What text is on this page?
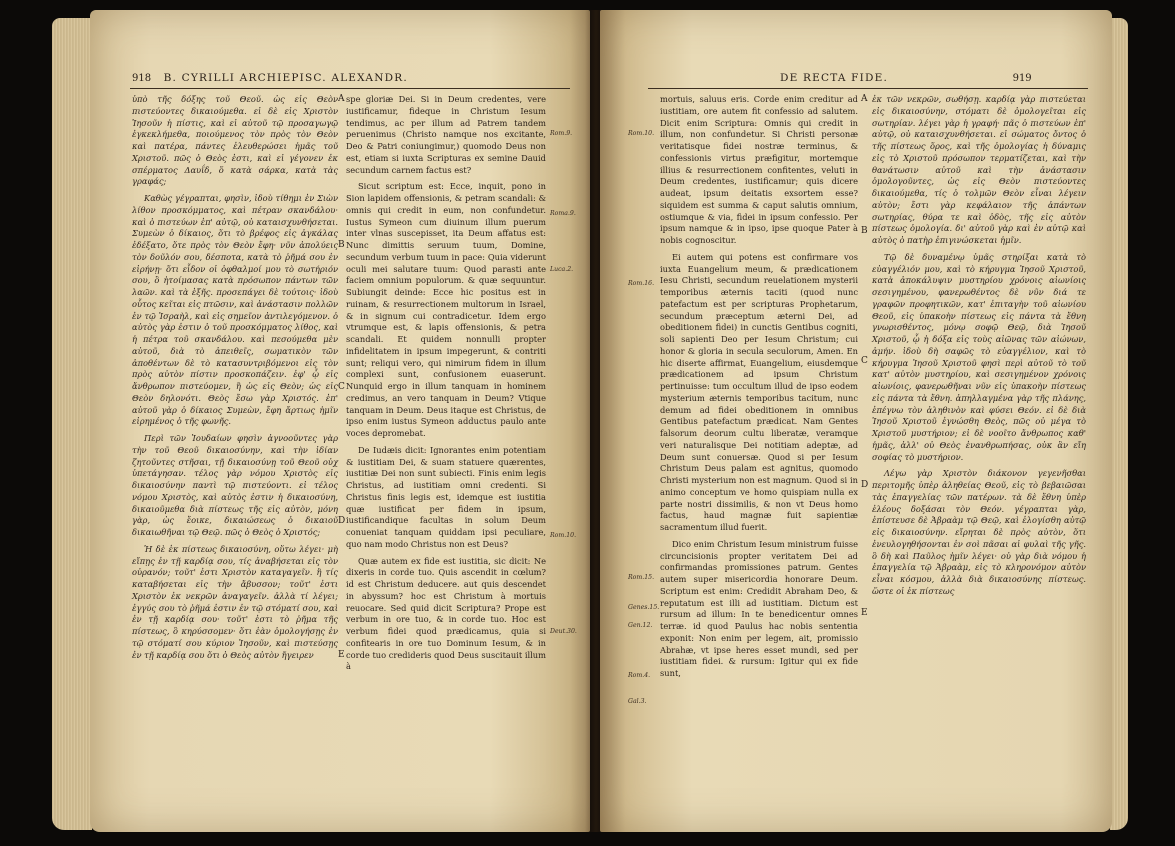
918 B. CYRILLI ARCHIEPISC. ALEXANDR.

ὑπὸ τῆς δόξης τοῦ Θεοῦ. ὡς εἰς Θεὸν πιστεύοντες δικαιούμεθα. εἰ δὲ εἰς Χριστὸν Ἰησοῦν ἡ πίστις, καὶ εἰ αὐτοῦ τῷ προσαγωγῷ ἐγκεκλήμεθα, ποιούμενος τὸν πρὸς τὸν Θεὸν καὶ πατέρα, πάντες ἐλευθερώσει ἡμᾶς τοῦ Χριστοῦ. πῶς ὁ Θεὸς ἐστι, καὶ εἰ γέγονεν ἐκ σπέρματος Δαυΐδ, ὅ κατὰ σάρκα, κατὰ τὰς γραφάς;

Καθὼς γέγραπται, φησὶν, ἰδοὺ τίθημι ἐν Σιὼν λίθον προσκόμματος, καὶ πέτραν σκανδάλου· καὶ ὁ πιστεύων ἐπ' αὐτῷ, οὐ καταισχυνθήσεται. Συμεὼν ὁ δίκαιος, ὅτι τὸ βρέφος εἰς ἀγκάλας ἐδέξατο, ὅτε πρὸς τὸν Θεὸν ἔφη· νῦν ἀπολύεις τὸν δοῦλόν σου, δέσποτα, κατὰ τὸ ῥῆμά σου ἐν εἰρήνῃ· ὅτι εἶδον οἱ ὀφθαλμοί μου τὸ σωτήριόν σου, ὃ ἡτοίμασας κατὰ πρόσωπον πάντων τῶν λαῶν. καὶ τὰ ἑξῆς. προσεπάγει δὲ τούτοις· ἰδοὺ οὗτος κεῖται εἰς πτῶσιν, καὶ ἀνάστασιν πολλῶν ἐν τῷ Ἰσραὴλ, καὶ εἰς σημεῖον ἀντιλεγόμενον. ὁ αὐτὸς γὰρ ἐστιν ὁ τοῦ προσκόμματος λίθος, καὶ ἡ πέτρα τοῦ σκανδάλου. καὶ πεσούμεθα μὲν αὐτοῦ, διὰ τὸ ἀπειθεῖς, σωματικὸν τῶν ἀποθέντων δὲ τὸ κατασυντριβόμενοι εἰς τὸν πρὸς αὐτὸν πίστιν προσκοπάζειν. ἐφ' ᾧ εἰς ἄνθρωπον πιστεύομεν, ἢ ὡς εἰς Θεὸν; ὡς εἰς Θεὸν δηλονότι. Θεὸς ἔσω γὰρ Χριστός. ἐπ' αὐτοῦ γὰρ ὁ δίκαιος Συμεὼν, ἔφη ἄρτιως ἡμῖν εἰρημένος ὁ τῆς φωνῆς.

Περὶ τῶν Ἰουδαίων φησὶν ἀγνοοῦντες γὰρ τὴν τοῦ Θεοῦ δικαιοσύνην, καὶ τὴν ἰδίαν ζητοῦντες στῆσαι, τῇ δικαιοσύνῃ τοῦ Θεοῦ οὐχ ὑπετάγησαν. τέλος γὰρ νόμου Χριστὸς εἰς δικαιοσύνην παντὶ τῷ πιστεύοντι. εἰ τέλος νόμου Χριστὸς, καὶ αὐτὸς ἐστιν ἡ δικαιοσύνη, δικαιοῦμεθα διὰ πίστεως τῆς εἰς αὐτὸν, μόνη γὰρ, ὡς ἔοικε, δικαιώσεως ὁ δικαιοῦ δικαιωθῆναι τῷ Θεῷ. πῶς ὁ Θεὸς ὁ Χριστός;

Ἡ δὲ ἐκ πίστεως δικαιοσύνη, οὕτω λέγει· μὴ εἴπῃς ἐν τῇ καρδίᾳ σου, τίς ἀναβήσεται εἰς τὸν οὐρανόν; τοῦτ' ἐστι Χριστὸν καταγαγεῖν. ἢ τίς καταβήσεται εἰς τὴν ἄβυσσον; τοῦτ' ἐστι Χριστὸν ἐκ νεκρῶν ἀναγαγεῖν. ἀλλὰ τί λέγει; ἐγγύς σου τὸ ῥῆμά ἐστιν ἐν τῷ στόματί σου, καὶ ἐν τῇ καρδίᾳ σου· τοῦτ' ἐστι τὸ ῥῆμα τῆς πίστεως, ὃ κηρύσσομεν· ὅτι ἐὰν ὁμολογήσῃς ἐν τῷ στόματί σου κύριον Ἰησοῦν, καὶ πιστεύσῃς ἐν τῇ καρδίᾳ σου ὅτι ὁ Θεὸς αὐτὸν ἤγειρεν

spe gloriæ Dei. Si in Deum credentes, vere iustificamur, fideque in Christum Iesum tendimus, ac per illum ad Patrem tandem peruenimus (Christo namque nos excitante, Deo & Patri coniungimur,) quomodo Deus non est, etiam si iuxta Scripturas ex semine Dauid secundum carnem factus est?

Sicut scriptum est: Ecce, inquit, pono in Sion lapidem offensionis, & petram scandali: & omnis qui credit in eum, non confundetur. Iustus Symeon cum diuinum illum puerum inter vlnas suscepisset, ita Deum affatus est: Nunc dimittis seruum tuum, Domine, secundum verbum tuum in pace: Quia viderunt oculi mei salutare tuum: Quod parasti ante faciem omnium populorum. & quæ sequuntur. Subiungit deinde: Ecce hic positus est in ruinam, & resurrectionem multorum in Israel, & in signum cui contradicetur. Idem ergo vtrumque est, & lapis offensionis, & petra scandali. Et quidem nonnulli propter infidelitatem in ipsum impegerunt, & contriti sunt; reliqui vero, qui nimirum fidem in illum complexi sunt, confusionem euaserunt. Nunquid ergo in illum tanquam in hominem credimus, an vero tanquam in Deum? Vtique tanquam in Deum. Deus itaque est Christus, de ipso enim iustus Symeon adductus paulo ante voces depromebat.

De Iudæis dicit: Ignorantes enim potentiam & iustitiam Dei, & suam statuere quærentes, iustitiæ Dei non sunt subiecti. Finis enim legis Christus, ad iustitiam omni credenti. Si Christus finis legis est, idemque est iustitia quæ iustificat per fidem in ipsum, iustificandique facultas in solum Deum conueniat tanquam quiddam ipsi peculiare, quo nam modo Christus non est Deus?

Quæ autem ex fide est iustitia, sic dicit: Ne dixeris in corde tuo. Quis ascendit in cœlum? id est Christum deducere. aut quis descendet in abyssum? hoc est Christum à mortuis reuocare. Sed quid dicit Scriptura? Prope est verbum in ore tuo, & in corde tuo. Hoc est verbum fidei quod prædicamus, quia si confitearis in ore tuo Dominum Iesum, & in corde tuo credideris quod Deus suscitauit illum à

A
B
C
D
E
Rom.9.
Roma.9.
Luca.2.
Rom.10.
Deut.30.
DE RECTA FIDE.	919

mortuis, saluus eris. Corde enim creditur ad iustitiam, ore autem fit confessio ad salutem. Dicit enim Scriptura: Omnis qui credit in illum, non confundetur. Si Christi personæ veritatisque fidei nostræ terminus, & confessionis virtus præfigitur, mortemque illius & resurrectionem confitentes, veluti in Deum credentes, iustificamur; quis dicere audeat, ipsum deitatis exsortem esse? siquidem est summa & caput salutis omnium, ostiumque & via, fidei in ipsum confessio. Per ipsum namque & in ipso, ipse quoque Pater à nobis cognoscitur.

Ei autem qui potens est confirmare vos iuxta Euangelium meum, & prædicationem Iesu Christi, secundum reuelationem mysterii temporibus æternis taciti (quod nunc patefactum est per scripturas Prophetarum, secundum præceptum æterni Dei, ad obeditionem fidei) in cunctis Gentibus cogniti, soli sapienti Deo per Iesum Christum; cui honor & gloria in secula seculorum, Amen. En hic diserte affirmat, Euangelium, eiusdemque prædicationem ad ipsum Christum pertinuisse: tum occultum illud de ipso eodem mysterium æternis temporibus tacitum, nunc demum ad fidei obeditionem in omnibus Gentibus patefactum prædicat. Nam Gentes falsorum deorum cultu liberatæ, veramque veri naturalisque Dei notitiam adeptæ, ad Deum sunt conuersæ. Quod si per Iesum Christum Deus palam est agnitus, quomodo Christi mysterium non est magnum. Quod si in animo conceptum ve homo quispiam nulla ex parte nostri dissimilis, & non vt Deus homo factus, haud magnæ fuit sapientiæ sacramentum illud fuerit.

Dico enim Christum Iesum ministrum fuisse circuncisionis propter veritatem Dei ad confirmandas promissiones patrum. Gentes autem super misericordia honorare Deum. Scriptum est enim: Credidit Abraham Deo, & reputatum est illi ad iustitiam. Dictum est rursum ad illum: In te benedicentur omnes terræ. id quod Paulus hac nobis sententia exponit: Non enim per legem, ait, promissio Abrahæ, vt ipse heres esset mundi, sed per iustitiam fidei. & rursum: Igitur qui ex fide sunt,

ἐκ τῶν νεκρῶν, σωθήσῃ. καρδίᾳ γὰρ πιστεύεται εἰς δικαιοσύνην, στόματι δὲ ὁμολογεῖται εἰς σωτηρίαν. λέγει γὰρ ἡ γραφή· πᾶς ὁ πιστεύων ἐπ' αὐτῷ, οὐ καταισχυνθήσεται. εἰ σώματος ὄντος ὁ τῆς πίστεως ὅρος, καὶ τῆς ὁμολογίας ἡ δύναμις εἰς τὸ Χριστοῦ πρόσωπον τερματίζεται, καὶ τὴν θανάτωσιν αὐτοῦ καὶ τὴν ἀνάστασιν ὁμολογοῦντες, ὡς εἰς Θεὸν πιστεύοντες δικαιούμεθα, τίς ὁ τολμῶν Θεὸν εἶναι λέγειν αὐτὸν; ἔστι γὰρ κεφάλαιον τῆς ἁπάντων σωτηρίας, θύρα τε καὶ ὁδὸς, τῆς εἰς αὐτὸν πίστεως ὁμολογία. δι' αὐτοῦ γὰρ καὶ ἐν αὐτῷ καὶ αὐτὸς ὁ πατὴρ ἐπιγινώσκεται ἡμῖν.

Τῷ δὲ δυναμένῳ ὑμᾶς στηρίξαι κατὰ τὸ εὐαγγέλιόν μου, καὶ τὸ κήρυγμα Ἰησοῦ Χριστοῦ, κατὰ ἀποκάλυψιν μυστηρίου χρόνοις αἰωνίοις σεσιγημένου, φανερωθέντος δὲ νῦν διά τε γραφῶν προφητικῶν, κατ' ἐπιταγὴν τοῦ αἰωνίου Θεοῦ, εἰς ὑπακοὴν πίστεως εἰς πάντα τὰ ἔθνη γνωρισθέντος, μόνῳ σοφῷ Θεῷ, διὰ Ἰησοῦ Χριστοῦ, ᾧ ἡ δόξα εἰς τοὺς αἰῶνας τῶν αἰώνων, ἀμήν. ἰδοὺ δὴ σαφῶς τὸ εὐαγγέλιον, καὶ τὸ κήρυγμα Ἰησοῦ Χριστοῦ φησὶ περὶ αὐτοῦ τὸ τοῦ κατ' αὐτὸν μυστηρίου, καὶ σεσιγημένον χρόνοις αἰωνίοις, φανερωθῆναι νῦν εἰς ὑπακοὴν πίστεως εἰς πάντα τὰ ἔθνη. ἀπηλλαγμένα γὰρ τῆς πλάνης, ἐπέγνω τὸν ἀληθινὸν καὶ φύσει Θεόν. εἰ δὲ διὰ Ἰησοῦ Χριστοῦ ἐγνώσθη Θεὸς, πῶς οὐ μέγα τὸ Χριστοῦ μυστήριον; εἰ δὲ νοοῖτο ἄνθρωπος καθ' ἡμᾶς, ἀλλ' οὐ Θεὸς ἐνανθρωπήσας, οὐκ ἂν εἴη σοφίας τὸ μυστήριον.

Λέγω γὰρ Χριστὸν διάκονον γεγενῆσθαι περιτομῆς ὑπὲρ ἀληθείας Θεοῦ, εἰς τὸ βεβαιῶσαι τὰς ἐπαγγελίας τῶν πατέρων. τὰ δὲ ἔθνη ὑπὲρ ἐλέους δοξάσαι τὸν Θεόν. γέγραπται γὰρ, ἐπίστευσε δὲ Ἀβραὰμ τῷ Θεῷ, καὶ ἐλογίσθη αὐτῷ εἰς δικαιοσύνην. εἴρηται δὲ πρὸς αὐτὸν, ὅτι ἐνευλογηθήσονται ἐν σοὶ πᾶσαι αἱ φυλαὶ τῆς γῆς. ὃ δὴ καὶ Παῦλος ἡμῖν λέγει· οὐ γὰρ διὰ νόμου ἡ ἐπαγγελία τῷ Ἀβραὰμ, εἰς τὸ κληρονόμον αὐτὸν εἶναι κόσμου, ἀλλὰ διὰ δικαιοσύνης πίστεως. ὥστε οἱ ἐκ πίστεως

A
B
C
D
E
Rom.10.
Rom.16.
Rom.15.
Genes.15.
Gen.12.
Rom.4.
Gal.3.
